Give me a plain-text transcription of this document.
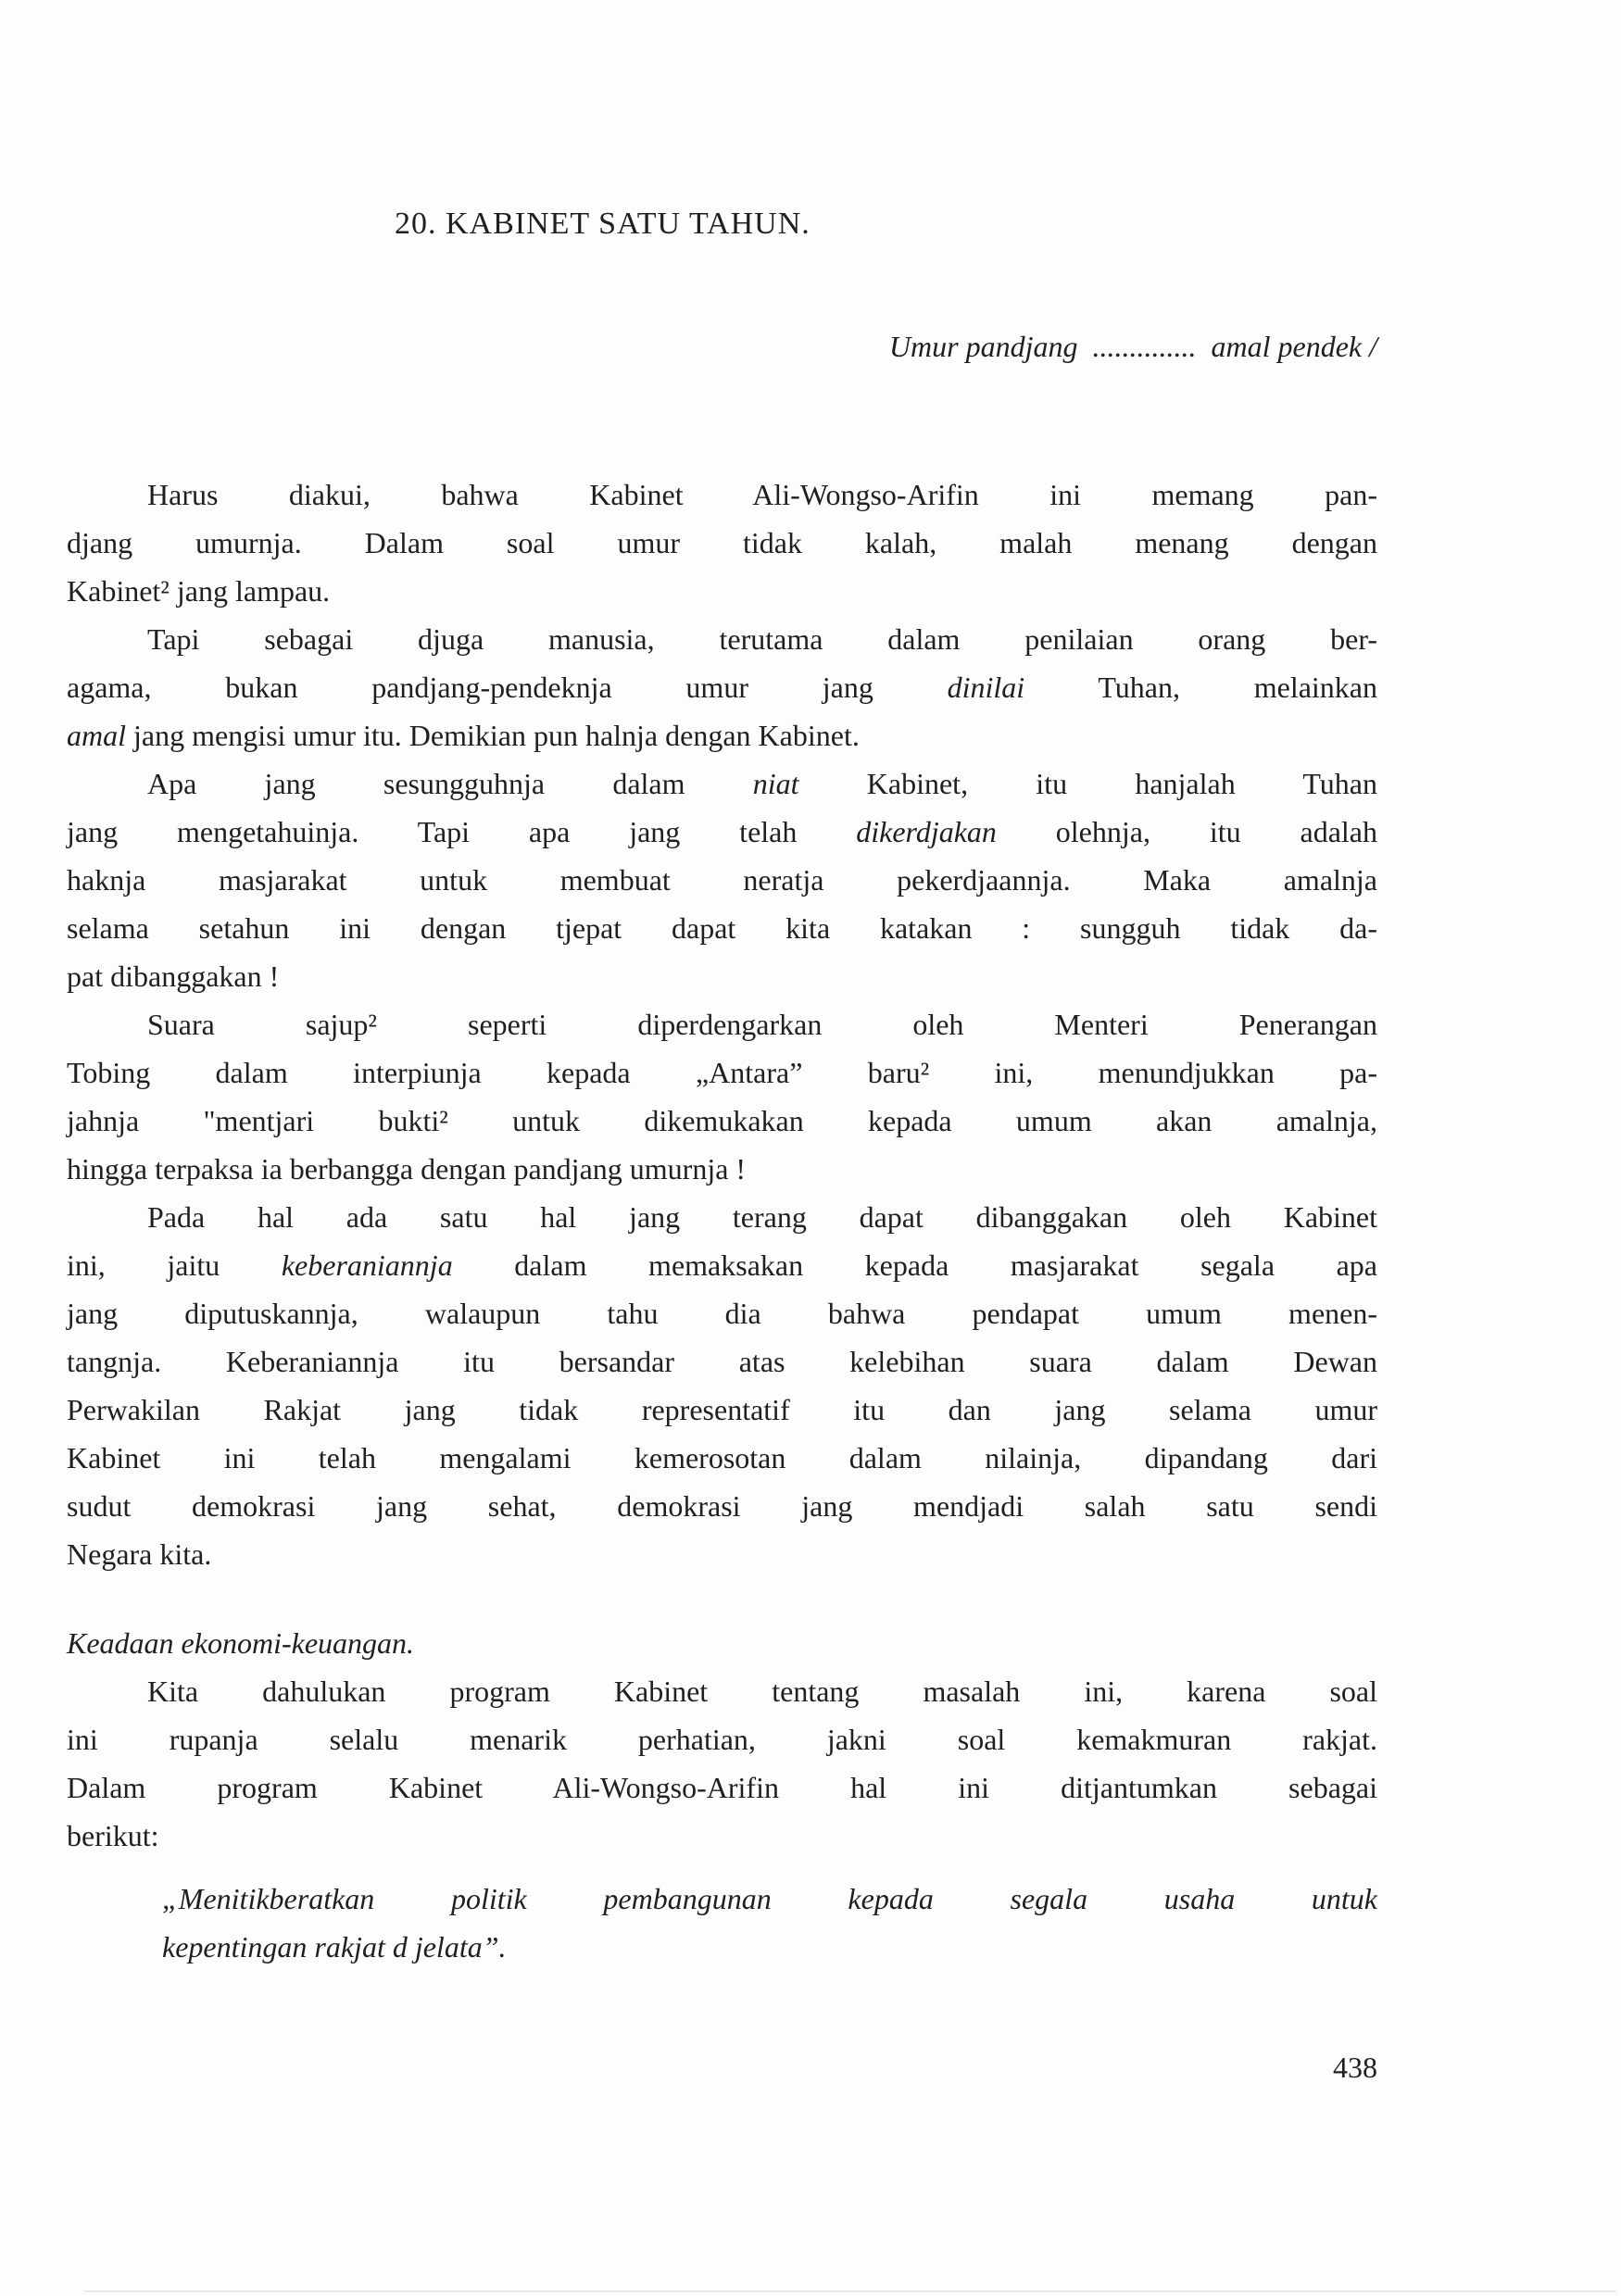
20. KABINET SATU TAHUN.
Umur pandjang  ..............  amal pendek /
Harus diakui, bahwa Kabinet Ali-Wongso-Arifin ini memang pan-
djang umurnja. Dalam soal umur tidak kalah, malah menang dengan
Kabinet² jang lampau.
Tapi sebagai djuga manusia, terutama dalam penilaian orang ber-
agama, bukan pandjang-pendeknja umur jang dinilai Tuhan, melainkan
amal jang mengisi umur itu. Demikian pun halnja dengan Kabinet.
Apa jang sesungguhnja dalam niat Kabinet, itu hanjalah Tuhan
jang mengetahuinja. Tapi apa jang telah dikerdjakan olehnja, itu adalah
haknja masjarakat untuk membuat neratja pekerdjaannja. Maka amalnja
selama setahun ini dengan tjepat dapat kita katakan : sungguh tidak da-
pat dibanggakan !
Suara sajup² seperti diperdengarkan oleh Menteri Penerangan
Tobing dalam interpiunja kepada „Antara” baru² ini, menundjukkan pa-
jahnja "mentjari bukti² untuk dikemukakan kepada umum akan amalnja,
hingga terpaksa ia berbangga dengan pandjang umurnja !
Pada hal ada satu hal jang terang dapat dibanggakan oleh Kabinet
ini, jaitu keberaniannja dalam memaksakan kepada masjarakat segala apa
jang diputuskannja, walaupun tahu dia bahwa pendapat umum menen-
tangnja. Keberaniannja itu bersandar atas kelebihan suara dalam Dewan
Perwakilan Rakjat jang tidak representatif itu dan jang selama umur
Kabinet ini telah mengalami kemerosotan dalam nilainja, dipandang dari
sudut demokrasi jang sehat, demokrasi jang mendjadi salah satu sendi
Negara kita.
Keadaan ekonomi-keuangan.
Kita dahulukan program Kabinet tentang masalah ini, karena soal
ini rupanja selalu menarik perhatian, jakni soal kemakmuran rakjat.
Dalam program Kabinet Ali-Wongso-Arifin hal ini ditjantumkan sebagai
berikut:
„Menitikberatkan politik pembangunan kepada segala usaha untuk
kepentingan rakjat d jelata”.
438
